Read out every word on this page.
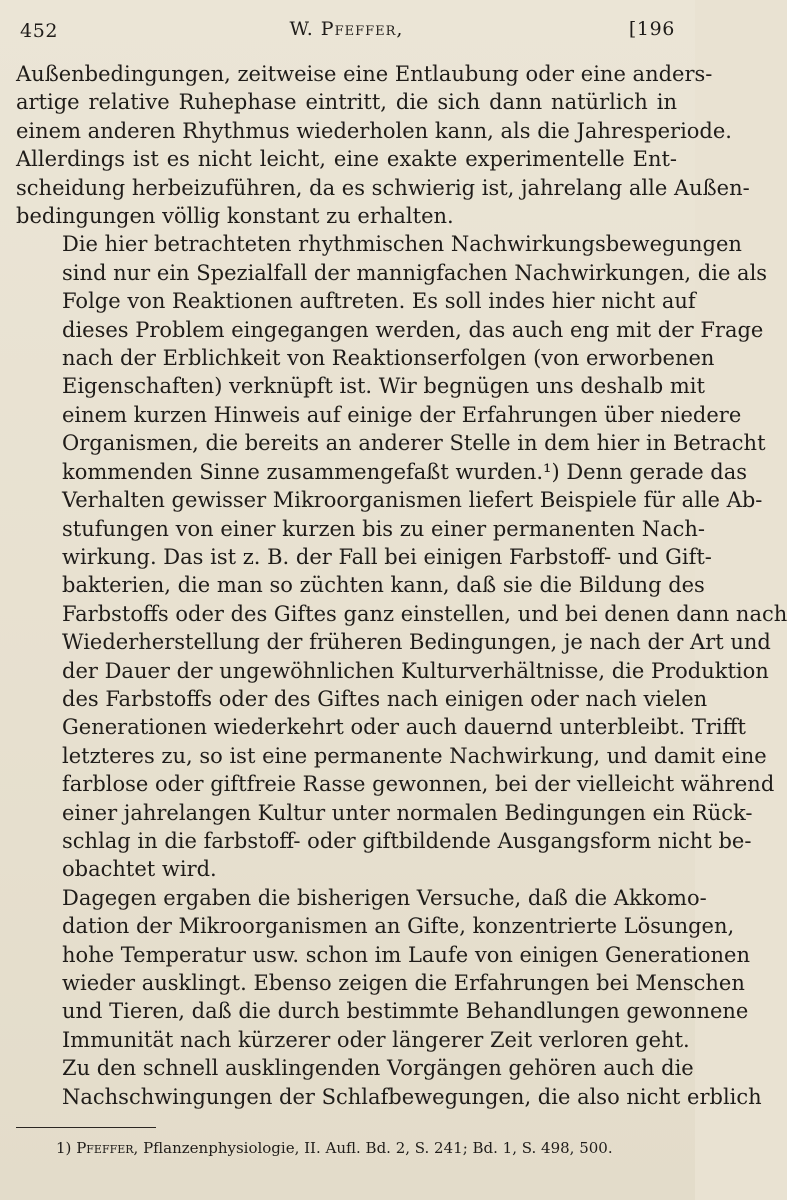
452	W. Pfeffer,	[196

Außenbedingungen, zeitweise eine Entlaubung oder eine anders-
artige relative Ruhephase eintritt, die sich dann natürlich in
einem anderen Rhythmus wiederholen kann, als die Jahresperiode.
Allerdings ist es nicht leicht, eine exakte experimentelle Ent-
scheidung herbeizuführen, da es schwierig ist, jahrelang alle Außen-
bedingungen völlig konstant zu erhalten.

Die hier betrachteten rhythmischen Nachwirkungsbewegungen
sind nur ein Spezialfall der mannigfachen Nachwirkungen, die als
Folge von Reaktionen auftreten. Es soll indes hier nicht auf
dieses Problem eingegangen werden, das auch eng mit der Frage
nach der Erblichkeit von Reaktionserfolgen (von erworbenen
Eigenschaften) verknüpft ist. Wir begnügen uns deshalb mit
einem kurzen Hinweis auf einige der Erfahrungen über niedere
Organismen, die bereits an anderer Stelle in dem hier in Betracht
kommenden Sinne zusammengefaßt wurden.¹) Denn gerade das
Verhalten gewisser Mikroorganismen liefert Beispiele für alle Ab-
stufungen von einer kurzen bis zu einer permanenten Nach-
wirkung. Das ist z. B. der Fall bei einigen Farbstoff- und Gift-
bakterien, die man so züchten kann, daß sie die Bildung des
Farbstoffs oder des Giftes ganz einstellen, und bei denen dann nach
Wiederherstellung der früheren Bedingungen, je nach der Art und
der Dauer der ungewöhnlichen Kulturverhältnisse, die Produktion
des Farbstoffs oder des Giftes nach einigen oder nach vielen
Generationen wiederkehrt oder auch dauernd unterbleibt. Trifft
letzteres zu, so ist eine permanente Nachwirkung, und damit eine
farblose oder giftfreie Rasse gewonnen, bei der vielleicht während
einer jahrelangen Kultur unter normalen Bedingungen ein Rück-
schlag in die farbstoff- oder giftbildende Ausgangsform nicht be-
obachtet wird.

Dagegen ergaben die bisherigen Versuche, daß die Akkomo-
dation der Mikroorganismen an Gifte, konzentrierte Lösungen,
hohe Temperatur usw. schon im Laufe von einigen Generationen
wieder ausklingt. Ebenso zeigen die Erfahrungen bei Menschen
und Tieren, daß die durch bestimmte Behandlungen gewonnene
Immunität nach kürzerer oder längerer Zeit verloren geht.

Zu den schnell ausklingenden Vorgängen gehören auch die
Nachschwingungen der Schlafbewegungen, die also nicht erblich

1) Pfeffer, Pflanzenphysiologie, II. Aufl. Bd. 2, S. 241; Bd. 1, S. 498, 500.
